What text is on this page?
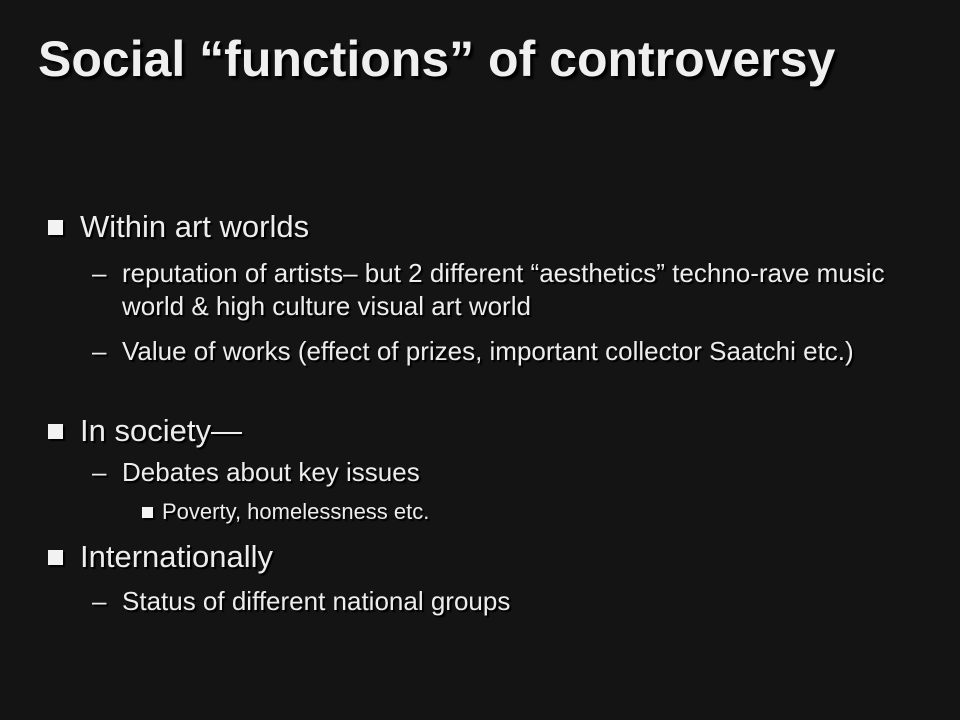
Social “functions” of controversy
Within art worlds
– reputation of artists– but 2 different “aesthetics” techno-rave music world & high culture visual art world
– Value of works (effect of prizes, important collector Saatchi etc.)
In society—
– Debates about key issues
Poverty, homelessness etc.
Internationally
– Status of different national groups
